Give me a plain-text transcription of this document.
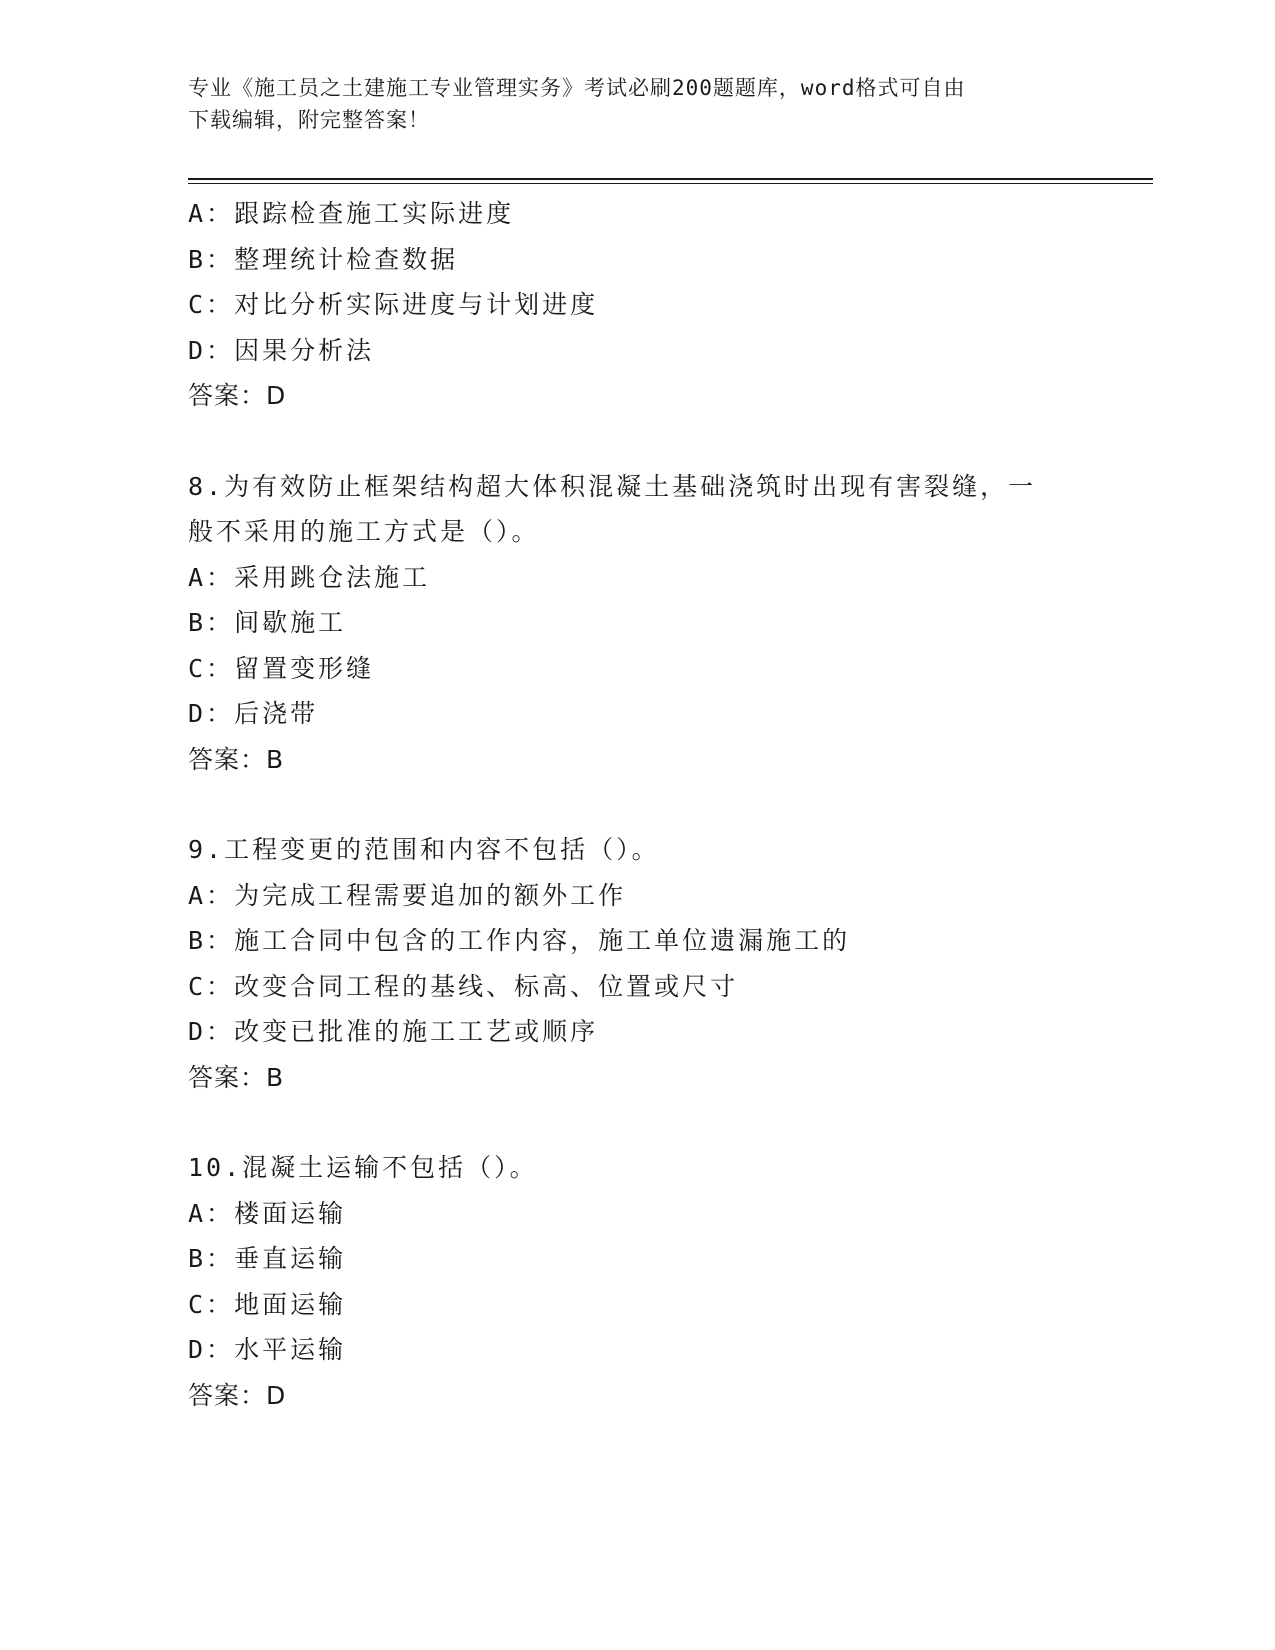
专业《施工员之土建施工专业管理实务》考试必刷200题题库，word格式可自由
下载编辑，附完整答案！
A：跟踪检查施工实际进度
B：整理统计检查数据
C：对比分析实际进度与计划进度
D：因果分析法
答案：D
8.为有效防止框架结构超大体积混凝土基础浇筑时出现有害裂缝，一
般不采用的施工方式是（）。
A：采用跳仓法施工
B：间歇施工
C：留置变形缝
D：后浇带
答案：B
9.工程变更的范围和内容不包括（）。
A：为完成工程需要追加的额外工作
B：施工合同中包含的工作内容，施工单位遗漏施工的
C：改变合同工程的基线、标高、位置或尺寸
D：改变已批准的施工工艺或顺序
答案：B
10.混凝土运输不包括（）。
A：楼面运输
B：垂直运输
C：地面运输
D：水平运输
答案：D
